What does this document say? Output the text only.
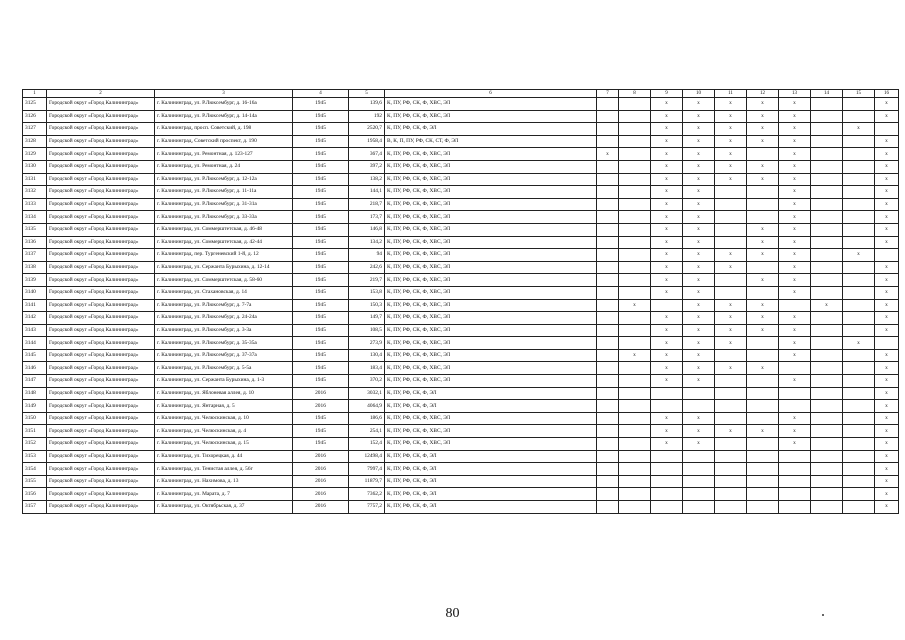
1	2	3	4	5	6	7	8	9	10	11	12	13	14	15	16
3125	Городской округ «Город Калининград»	г. Калининград, ул. Р.Люксембург, д. 16-16а	1945	139,6	К, ПУ, РФ, СК, Ф, ХВС, ЭЛ			х	х	х	х	х			х
3126	Городской округ «Город Калининград»	г. Калининград, ул. Р.Люксембург, д. 14-14а	1945	192	К, ПУ, РФ, СК, Ф, ХВС, ЭЛ			х	х	х	х	х			х
3127	Городской округ «Город Калининград»	г. Калининград, просп. Советский, д. 198	1945	2520,7	К, ПУ, РФ, СК, Ф, ЭЛ			х	х	х	х	х		х	
3128	Городской округ «Город Калининград»	г. Калининград, Советский проспект, д. 190	1945	1958,4	В, К, П, ПУ, РФ, СК, СТ, Ф, ЭЛ			х	х	х	х	х			х
3129	Городской округ «Город Калининград»	г. Калининград, ул. Ремонтная, д. 123-127	1945	367,4	К, ПУ, РФ, СК, Ф, ХВС, ЭЛ	х		х	х	х		х			х
3130	Городской округ «Город Калининград»	г. Калининград, ул. Ремонтная, д. 24	1945	397,2	К, ПУ, РФ, СК, Ф, ХВС, ЭЛ			х	х	х	х	х			х
3131	Городской округ «Город Калининград»	г. Калининград, ул. Р.Люксембург, д. 12-12а	1945	138,2	К, ПУ, РФ, СК, Ф, ХВС, ЭЛ			х	х	х	х	х			х
3132	Городской округ «Город Калининград»	г. Калининград, ул. Р.Люксембург, д. 11-11а	1945	144,1	К, ПУ, РФ, СК, Ф, ХВС, ЭЛ			х	х			х			х
3133	Городской округ «Город Калининград»	г. Калининград, ул. Р.Люксембург, д. 31-31а	1945	218,7	К, ПУ, РФ, СК, Ф, ХВС, ЭЛ			х	х			х			х
3134	Городской округ «Город Калининград»	г. Калининград, ул. Р.Люксембург, д. 33-33а	1945	173,7	К, ПУ, РФ, СК, Ф, ХВС, ЭЛ			х	х			х			х
3135	Городской округ «Город Калининград»	г. Калининград, ул. Соммерштетская, д. 46-48	1945	146,8	К, ПУ, РФ, СК, Ф, ХВС, ЭЛ			х	х		х	х			х
3136	Городской округ «Город Калининград»	г. Калининград, ул. Соммерштетская, д. 42-44	1945	134,2	К, ПУ, РФ, СК, Ф, ХВС, ЭЛ			х	х		х	х			х
3137	Городской округ «Город Калининград»	г. Калининград, пер. Тургеневский 1-й, д. 12	1945	94	К, ПУ, РФ, СК, Ф, ХВС, ЭЛ			х	х	х	х	х		х	
3138	Городской округ «Город Калининград»	г. Калининград, ул. Сержанта Бурыхина, д. 12-14	1945	242,6	К, ПУ, РФ, СК, Ф, ХВС, ЭЛ			х	х	х		х			х
3139	Городской округ «Город Калининград»	г. Калининград, ул. Соммерштетская, д. 58-60	1945	219,7	К, ПУ, РФ, СК, Ф, ХВС, ЭЛ			х	х		х	х			х
3140	Городской округ «Город Калининград»	г. Калининград, ул. Стахановская, д. 14	1945	153,8	К, ПУ, РФ, СК, Ф, ХВС, ЭЛ			х	х			х			х
3141	Городской округ «Город Калининград»	г. Калининград, ул. Р.Люксембург, д. 7-7а	1945	150,3	К, ПУ, РФ, СК, Ф, ХВС, ЭЛ		х		х	х	х		х		х
3142	Городской округ «Город Калининград»	г. Калининград, ул. Р.Люксембург, д. 24-24а	1945	149,7	К, ПУ, РФ, СК, Ф, ХВС, ЭЛ			х	х	х	х	х			х
3143	Городской округ «Город Калининград»	г. Калининград, ул. Р.Люксембург, д. 3-3а	1945	108,5	К, ПУ, РФ, СК, Ф, ХВС, ЭЛ			х	х	х	х	х			х
3144	Городской округ «Город Калининград»	г. Калининград, ул. Р.Люксембург, д. 35-35а	1945	273,9	К, ПУ, РФ, СК, Ф, ХВС, ЭЛ			х	х	х		х		х	
3145	Городской округ «Город Калининград»	г. Калининград, ул. Р.Люксембург, д. 37-37а	1945	130,4	К, ПУ, РФ, СК, Ф, ХВС, ЭЛ		х	х	х			х			х
3146	Городской округ «Город Калининград»	г. Калининград, ул. Р.Люксембург, д. 5-5а	1945	183,4	К, ПУ, РФ, СК, Ф, ХВС, ЭЛ			х	х	х	х				х
3147	Городской округ «Город Калининград»	г. Калининград, ул. Сержанта Бурыхина, д. 1-3	1945	370,2	К, ПУ, РФ, СК, Ф, ХВС, ЭЛ			х	х			х			х
3148	Городской округ «Город Калининград»	г. Калининград, ул. Яблоневая аллея, д. 10	2016	3032,1	К, ПУ, РФ, СК, Ф, ЭЛ										х
3149	Городской округ «Город Калининград»	г. Калининград, ул. Янтарная, д. 5	2016	4064,9	К, ПУ, РФ, СК, Ф, ЭЛ										х
3150	Городской округ «Город Калининград»	г. Калининград, ул. Челюскинская, д. 10	1945	186,6	К, ПУ, РФ, СК, Ф, ХВС, ЭЛ			х	х			х			х
3151	Городской округ «Город Калининград»	г. Калининград, ул. Челюскинская, д. 4	1945	254,1	К, ПУ, РФ, СК, Ф, ХВС, ЭЛ			х	х	х	х	х			х
3152	Городской округ «Город Калининград»	г. Калининград, ул. Челюскинская, д. 15	1945	152,4	К, ПУ, РФ, СК, Ф, ХВС, ЭЛ			х	х			х			х
3153	Городской округ «Город Калининград»	г. Калининград, ул. Тихорецкая, д. 44	2016	12498,4	К, ПУ, РФ, СК, Ф, ЭЛ										х
3154	Городской округ «Город Калининград»	г. Калининград, ул. Тенистая аллея, д. 56г	2016	7997,4	К, ПУ, РФ, СК, Ф, ЭЛ										х
3155	Городской округ «Город Калининград»	г. Калининград, ул. Нахимова, д. 13	2016	11879,7	К, ПУ, РФ, СК, Ф, ЭЛ										х
3156	Городской округ «Город Калининград»	г. Калининград, ул. Марата, д. 7	2016	7362,2	К, ПУ, РФ, СК, Ф, ЭЛ										х
3157	Городской округ «Город Калининград»	г. Калининград, ул. Октябрьская, д. 37	2016	7757,2	К, ПУ, РФ, СК, Ф, ЭЛ										х
80
